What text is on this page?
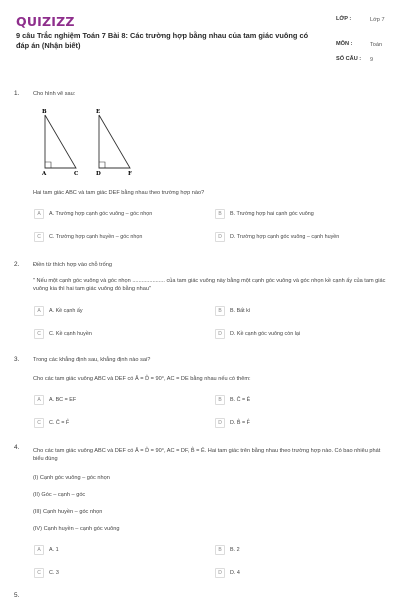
QUIZIZZ
9 câu Trắc nghiệm Toán 7 Bài 8: Các trường hợp bằng nhau của tam giác vuông có đáp án (Nhận biết)
LỚP :	Lớp 7
MÔN :	Toán
SỐ CÂU : 9
1. Cho hình vẽ sau:
B	E
A	C	D	F
Hai tam giác ABC và tam giác DEF bằng nhau theo trường hợp nào?
A	A. Trường hợp cạnh góc vuông – góc nhọn	B	B. Trường hợp hai cạnh góc vuông
C	C. Trường hợp cạnh huyền – góc nhọn	D	D. Trường hợp cạnh góc vuông – cạnh huyền
2. Điền từ thích hợp vào chỗ trống
" Nếu một cạnh góc vuông và góc nhọn ..................... của tam giác vuông này bằng một cạnh góc vuông và góc nhọn kề cạnh ấy của tam giác vuông kia thì hai tam giác vuông đó bằng nhau"
A	A. Kề cạnh ấy	B	B. Bất kì
C	C. Kề cạnh huyền	D	D. Kề cạnh góc vuông còn lại
3. Trong các khẳng định sau, khẳng định nào sai?
Cho các tam giác vuông ABC và DEF có Â = D̂ = 90°, AC = DE bằng nhau nếu có thêm:
A	A. BC = EF	B	B. Ĉ = Ê
C	C. Ĉ = F̂	D	D. B̂ = F̂
4. Cho các tam giác vuông ABC và DEF có Â = D̂ = 90°, AC = DF, B̂ = Ê. Hai tam giác trên bằng nhau theo trường hợp nào. Có bao nhiêu phát biểu đúng
(I) Cạnh góc vuông – góc nhọn
(II) Góc – cạnh – góc
(III) Cạnh huyền – góc nhọn
(IV) Cạnh huyền – cạnh góc vuông
A	A. 1	B	B. 2
C	C. 3	D	D. 4
5.
